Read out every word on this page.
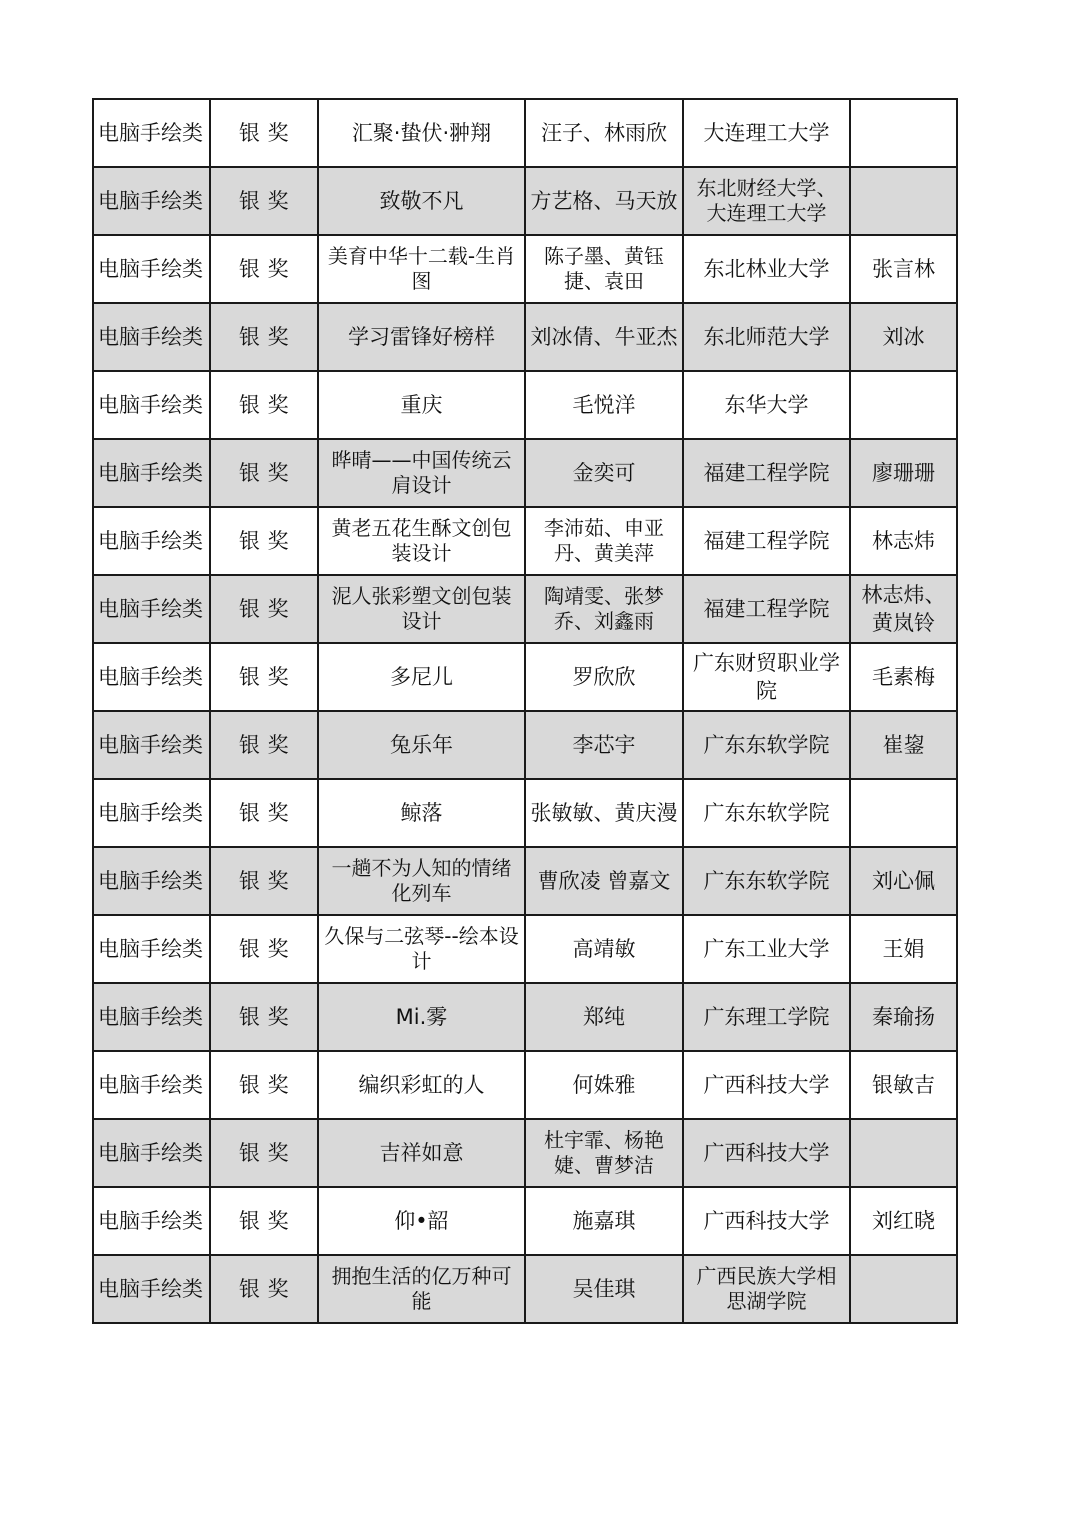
电脑手绘类	银 奖	汇聚·蛰伏·翀翔	汪子、林雨欣	大连理工大学	
电脑手绘类	银 奖	致敬不凡	方艺格、马天放	东北财经大学、大连理工大学	
电脑手绘类	银 奖	美育中华十二载-生肖图	陈子墨、黄钰捷、袁田	东北林业大学	张言林
电脑手绘类	银 奖	学习雷锋好榜样	刘冰倩、牛亚杰	东北师范大学	刘冰
电脑手绘类	银 奖	重庆	毛悦洋	东华大学	
电脑手绘类	银 奖	晔晴——中国传统云肩设计	金奕可	福建工程学院	廖珊珊
电脑手绘类	银 奖	黄老五花生酥文创包装设计	李沛茹、申亚丹、黄美萍	福建工程学院	林志炜
电脑手绘类	银 奖	泥人张彩塑文创包装设计	陶靖雯、张梦乔、刘鑫雨	福建工程学院	林志炜、黄岚铃
电脑手绘类	银 奖	多尼儿	罗欣欣	广东财贸职业学院	毛素梅
电脑手绘类	银 奖	兔乐年	李芯宇	广东东软学院	崔鋆
电脑手绘类	银 奖	鲸落	张敏敏、黄庆漫	广东东软学院	
电脑手绘类	银 奖	一趟不为人知的情绪化列车	曹欣凌 曾嘉文	广东东软学院	刘心佩
电脑手绘类	银 奖	久保与二弦琴--绘本设计	高靖敏	广东工业大学	王娟
电脑手绘类	银 奖	Mi.雾	郑纯	广东理工学院	秦瑜扬
电脑手绘类	银 奖	编织彩虹的人	何姝雅	广西科技大学	银敏吉
电脑手绘类	银 奖	吉祥如意	杜宇霏、杨艳婕、曹梦洁	广西科技大学	
电脑手绘类	银 奖	仰•韶	施嘉琪	广西科技大学	刘红晓
电脑手绘类	银 奖	拥抱生活的亿万种可能	吴佳琪	广西民族大学相思湖学院	
